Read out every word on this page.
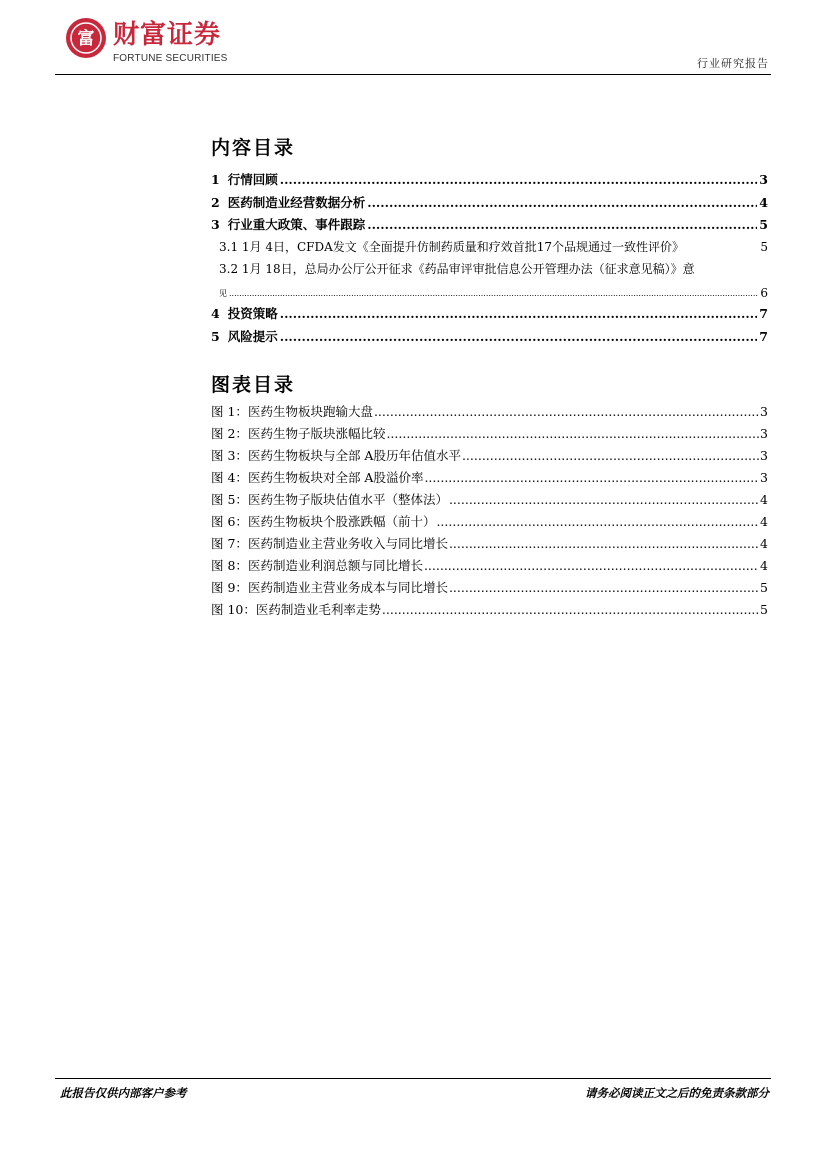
富 财富证券
FORTUNE SECURITIES	行业研究报告
内容目录
1 行情回顾 .....	3
2 医药制造业经营数据分析 .....	4
3 行业重大政策、事件跟踪 .....	5
3.1 1月 4日，CFDA发文《全面提升仿制药质量和疗效首批17个品规通过一致性评价》	5
3.2 1月 18日，总局办公厅公开征求《药品审评审批信息公开管理办法（征求意见稿）》意
见 .....	6
4 投资策略 .....	7
5 风险提示 .....	7
图表目录
图 1： 医药生物板块跑输大盘 .....	3
图 2： 医药生物子版块涨幅比较 .....	3
图 3： 医药生物板块与全部 A股历年估值水平 .....	3
图 4： 医药生物板块对全部 A股溢价率 .....	3
图 5： 医药生物子版块估值水平（整体法） .....	4
图 6： 医药生物板块个股涨跌幅（前十） .....	4
图 7： 医药制造业主营业务收入与同比增长 .....	4
图 8： 医药制造业利润总额与同比增长 .....	4
图 9： 医药制造业主营业务成本与同比增长 .....	5
图 10： 医药制造业毛利率走势 .....	5
此报告仅供内部客户参考	请务必阅读正文之后的免责条款部分
